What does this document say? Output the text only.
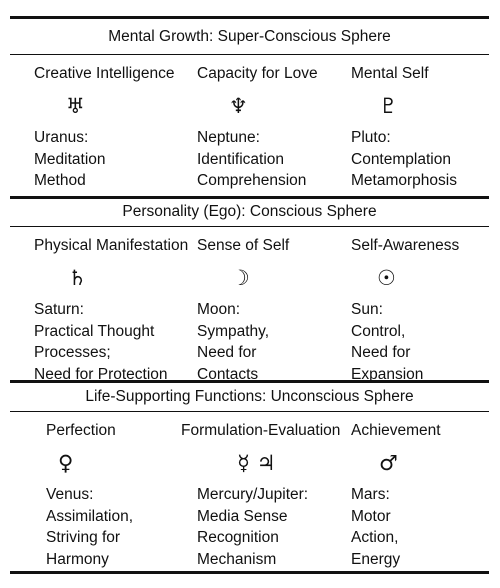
Mental Growth: Super-Conscious Sphere
Creative Intelligence
♅
Uranus:
Meditation
Method
Capacity for Love
♆
Neptune:
Identification
Comprehension
Mental Self
♇
Pluto:
Contemplation
Metamorphosis
Personality (Ego): Conscious Sphere
Physical Manifestation
♄
Saturn:
Practical Thought
Processes;
Need for Protection
Sense of Self
☽
Moon:
Sympathy,
Need for
Contacts
Self-Awareness
☉
Sun:
Control,
Need for
Expansion
Life-Supporting Functions: Unconscious Sphere
Perfection
♀
Venus:
Assimilation,
Striving for
Harmony
Formulation-Evaluation
☿ ♃
Mercury/Jupiter:
Media Sense
Recognition
Mechanism
Achievement
♂
Mars:
Motor
Action,
Energy
